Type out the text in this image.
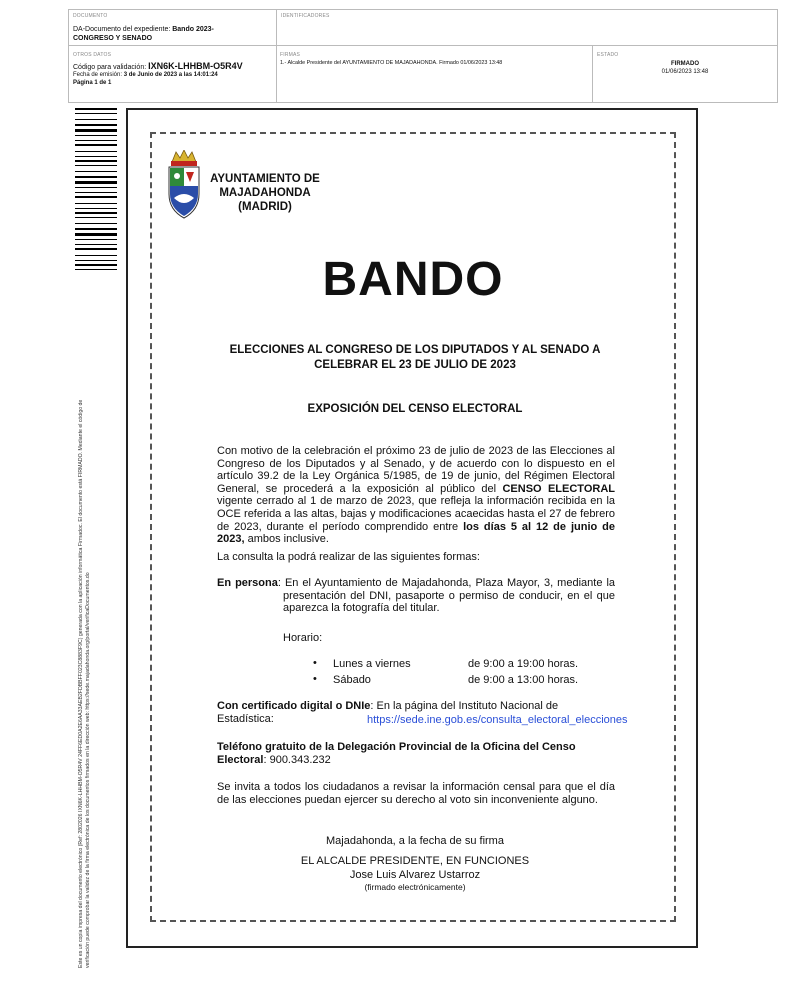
DOCUMENTO
DA-Documento del expediente: Bando 2023-
CONGRESO Y SENADO
IDENTIFICADORES
OTROS DATOS
Código para validación: IXN6K-LHHBM-O5R4V
Fecha de emisión: 3 de Junio de 2023 a las 14:01:24
Página 1 de 1
FIRMAS
1.- Alcalde Presidente del AYUNTAMIENTO DE MAJADAHONDA. Firmado 01/06/2023 13:48
ESTADO
FIRMADO
01/06/2023 13:48
Este es un copia impresa del documento electrónico (Ref: 2802026 IXN6K-LHHBM-O5R4V 24FF6ED0A2E6AA33AEB2FDBBFF023C8883F9C) generada con la aplicación informática Firmadoc. El documento está FIRMADO. Mediante el código de verificación puede comprobar la validez de la firma electrónica de los documentos firmados en la dirección web: https://sede.majadahonda.org/portal/verificaDocumentos.do
AYUNTAMIENTO DE
MAJADAHONDA
(MADRID)
BANDO
ELECCIONES AL CONGRESO DE LOS DIPUTADOS Y AL SENADO A
CELEBRAR EL 23 DE JULIO DE 2023
EXPOSICIÓN DEL CENSO ELECTORAL
Con motivo de la celebración el próximo 23 de julio de 2023 de las Elecciones al Congreso de los Diputados y al Senado, y de acuerdo con lo dispuesto en el artículo 39.2 de la Ley Orgánica 5/1985, de 19 de junio, del Régimen Electoral General, se procederá a la exposición al público del CENSO ELECTORAL vigente cerrado al 1 de marzo de 2023, que refleja la información recibida en la OCE referida a las altas, bajas y modificaciones acaecidas hasta el 27 de febrero de 2023, durante el período comprendido entre los días 5 al 12 de junio de 2023, ambos inclusive.
La consulta la podrá realizar de las siguientes formas:
En persona: En el Ayuntamiento de Majadahonda, Plaza Mayor, 3, mediante la presentación del DNI, pasaporte o permiso de conducir, en el que aparezca la fotografía del titular.
Horario:
• Lunes a viernes	de 9:00 a 19:00 horas.
• Sábado	de 9:00 a 13:00 horas.
Con certificado digital o DNIe: En la página del Instituto Nacional de Estadística:	https://sede.ine.gob.es/consulta_electoral_elecciones
Teléfono gratuito de la Delegación Provincial de la Oficina del Censo Electoral: 900.343.232
Se invita a todos los ciudadanos a revisar la información censal para que el día de las elecciones puedan ejercer su derecho al voto sin inconveniente alguno.
Majadahonda, a la fecha de su firma
EL ALCALDE PRESIDENTE, EN FUNCIONES
Jose Luis Alvarez Ustarroz
(firmado electrónicamente)
